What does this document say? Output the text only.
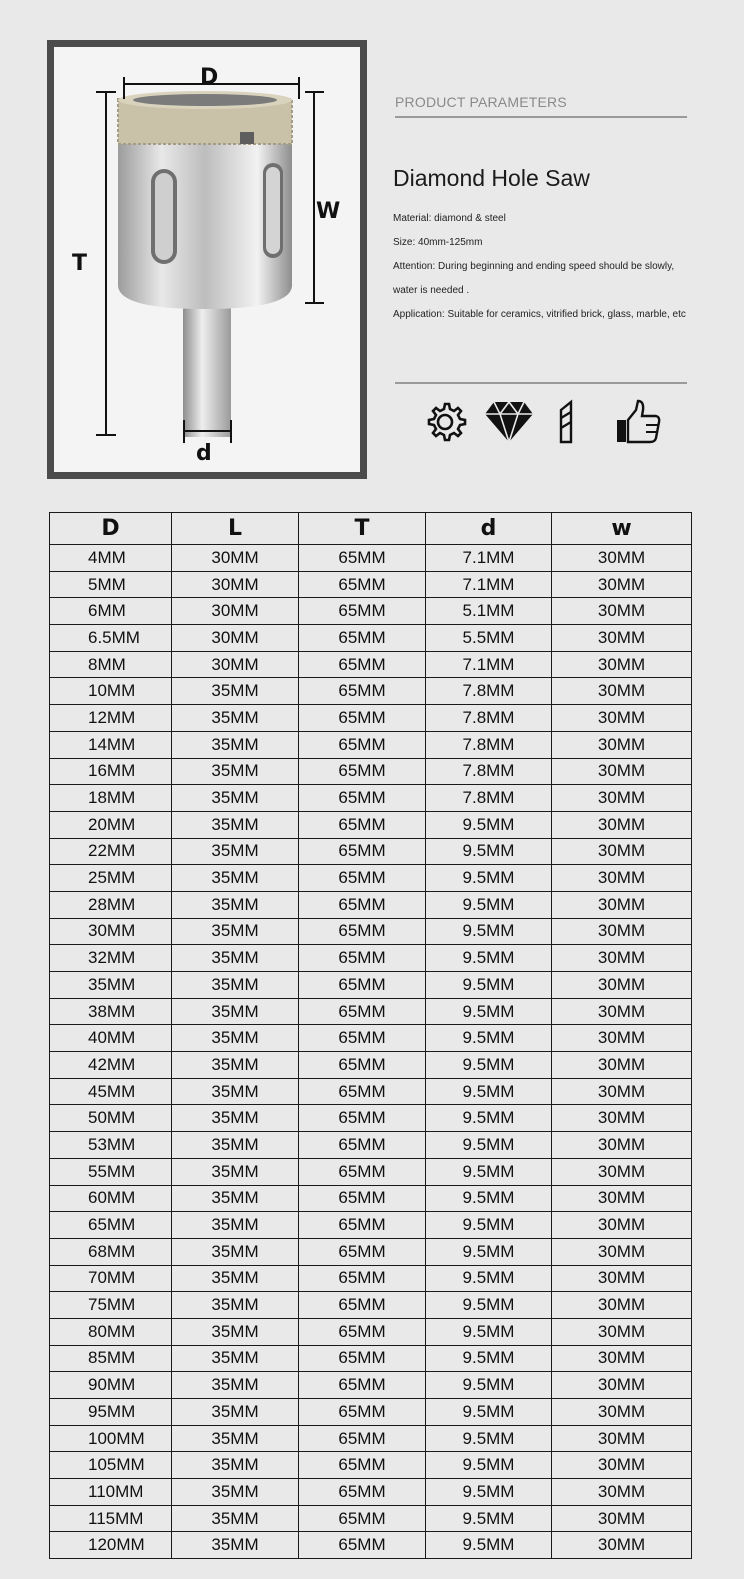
D
W
T
d
PRODUCT PARAMETERS
Diamond Hole Saw
Material: diamond & steel
Size: 40mm-125mm
Attention: During beginning and ending speed should be slowly,
water is needed .
Application: Suitable for ceramics, vitrified brick, glass, marble, etc
D	L	T	d	w
4MM	30MM	65MM	7.1MM	30MM
5MM	30MM	65MM	7.1MM	30MM
6MM	30MM	65MM	5.1MM	30MM
6.5MM	30MM	65MM	5.5MM	30MM
8MM	30MM	65MM	7.1MM	30MM
10MM	35MM	65MM	7.8MM	30MM
12MM	35MM	65MM	7.8MM	30MM
14MM	35MM	65MM	7.8MM	30MM
16MM	35MM	65MM	7.8MM	30MM
18MM	35MM	65MM	7.8MM	30MM
20MM	35MM	65MM	9.5MM	30MM
22MM	35MM	65MM	9.5MM	30MM
25MM	35MM	65MM	9.5MM	30MM
28MM	35MM	65MM	9.5MM	30MM
30MM	35MM	65MM	9.5MM	30MM
32MM	35MM	65MM	9.5MM	30MM
35MM	35MM	65MM	9.5MM	30MM
38MM	35MM	65MM	9.5MM	30MM
40MM	35MM	65MM	9.5MM	30MM
42MM	35MM	65MM	9.5MM	30MM
45MM	35MM	65MM	9.5MM	30MM
50MM	35MM	65MM	9.5MM	30MM
53MM	35MM	65MM	9.5MM	30MM
55MM	35MM	65MM	9.5MM	30MM
60MM	35MM	65MM	9.5MM	30MM
65MM	35MM	65MM	9.5MM	30MM
68MM	35MM	65MM	9.5MM	30MM
70MM	35MM	65MM	9.5MM	30MM
75MM	35MM	65MM	9.5MM	30MM
80MM	35MM	65MM	9.5MM	30MM
85MM	35MM	65MM	9.5MM	30MM
90MM	35MM	65MM	9.5MM	30MM
95MM	35MM	65MM	9.5MM	30MM
100MM	35MM	65MM	9.5MM	30MM
105MM	35MM	65MM	9.5MM	30MM
110MM	35MM	65MM	9.5MM	30MM
115MM	35MM	65MM	9.5MM	30MM
120MM	35MM	65MM	9.5MM	30MM
